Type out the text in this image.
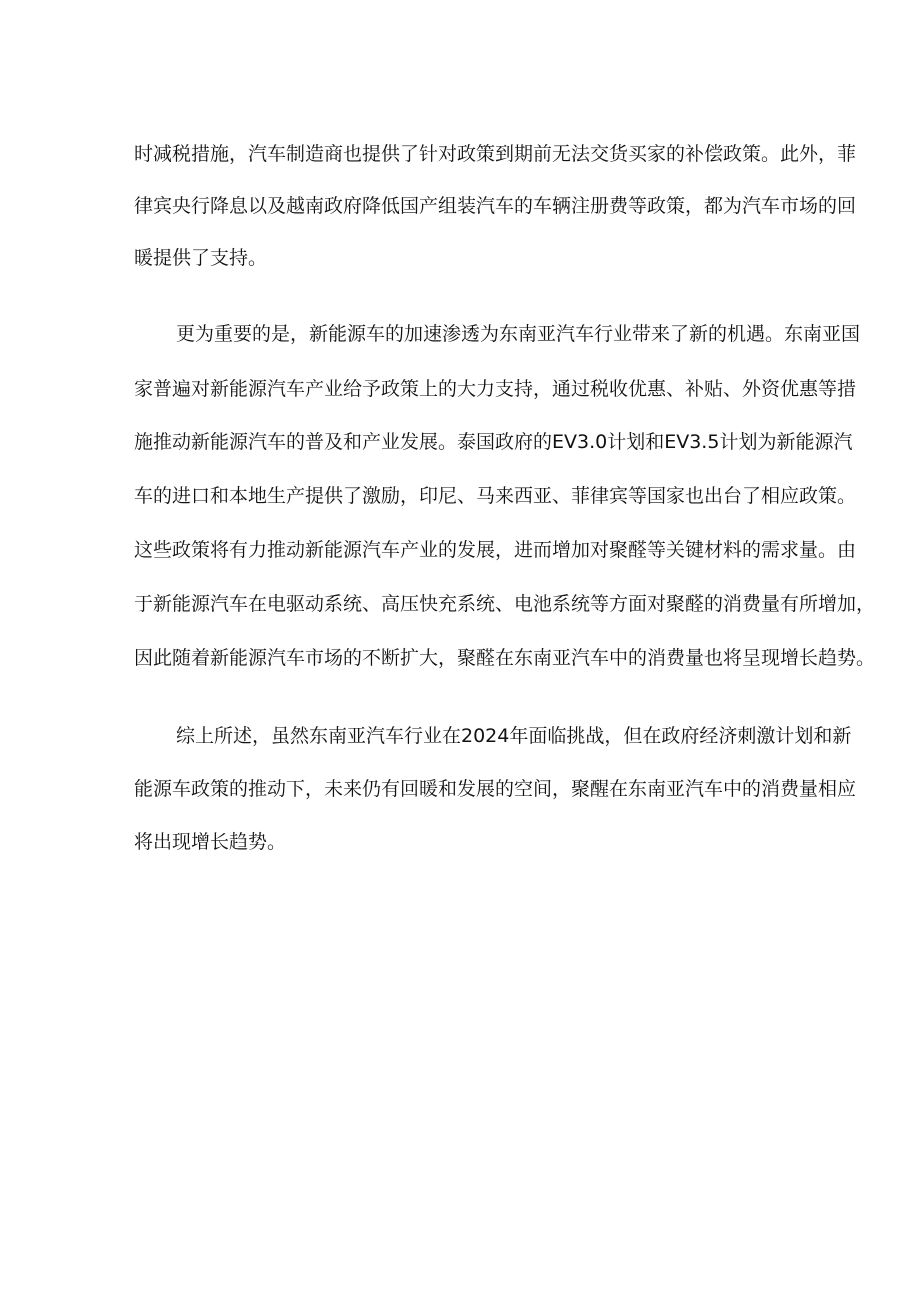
时减税措施，汽车制造商也提供了针对政策到期前无法交货买家的补偿政策。此外，菲
律宾央行降息以及越南政府降低国产组装汽车的车辆注册费等政策，都为汽车市场的回
暖提供了支持。
更为重要的是，新能源车的加速渗透为东南亚汽车行业带来了新的机遇。东南亚国
家普遍对新能源汽车产业给予政策上的大力支持，通过税收优惠、补贴、外资优惠等措
施推动新能源汽车的普及和产业发展。泰国政府的EV3.0计划和EV3.5计划为新能源汽
车的进口和本地生产提供了激励，印尼、马来西亚、菲律宾等国家也出台了相应政策。
这些政策将有力推动新能源汽车产业的发展，进而增加对聚醛等关键材料的需求量。由
于新能源汽车在电驱动系统、高压快充系统、电池系统等方面对聚醛的消费量有所增加，
因此随着新能源汽车市场的不断扩大，聚醛在东南亚汽车中的消费量也将呈现增长趋势。
综上所述，虽然东南亚汽车行业在2024年面临挑战，但在政府经济刺激计划和新
能源车政策的推动下，未来仍有回暖和发展的空间，聚醒在东南亚汽车中的消费量相应
将出现增长趋势。
